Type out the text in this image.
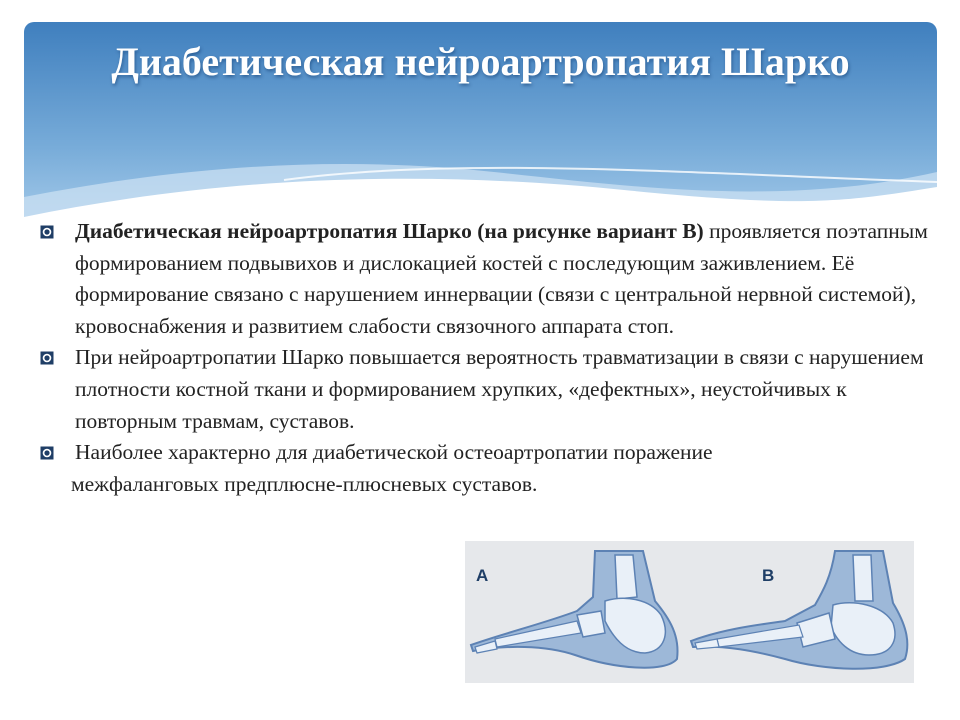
Диабетическая нейроартропатия Шарко
Диабетическая нейроартропатия Шарко (на рисунке вариант В) проявляется поэтапным формированием подвывихов и дислокацией костей с последующим заживлением. Её формирование связано с нарушением иннервации (связи с центральной нервной системой), кровоснабжения и развитием слабости связочного аппарата стоп.
При нейроартропатии Шарко повышается вероятность травматизации в связи с нарушением плотности костной ткани и формированием хрупких, «дефектных», неустойчивых к повторным травмам, суставов.
Наиболее характерно для диабетической остеоартропатии поражение
межфаланговых предплюсне-плюсневых суставов.
A	B
